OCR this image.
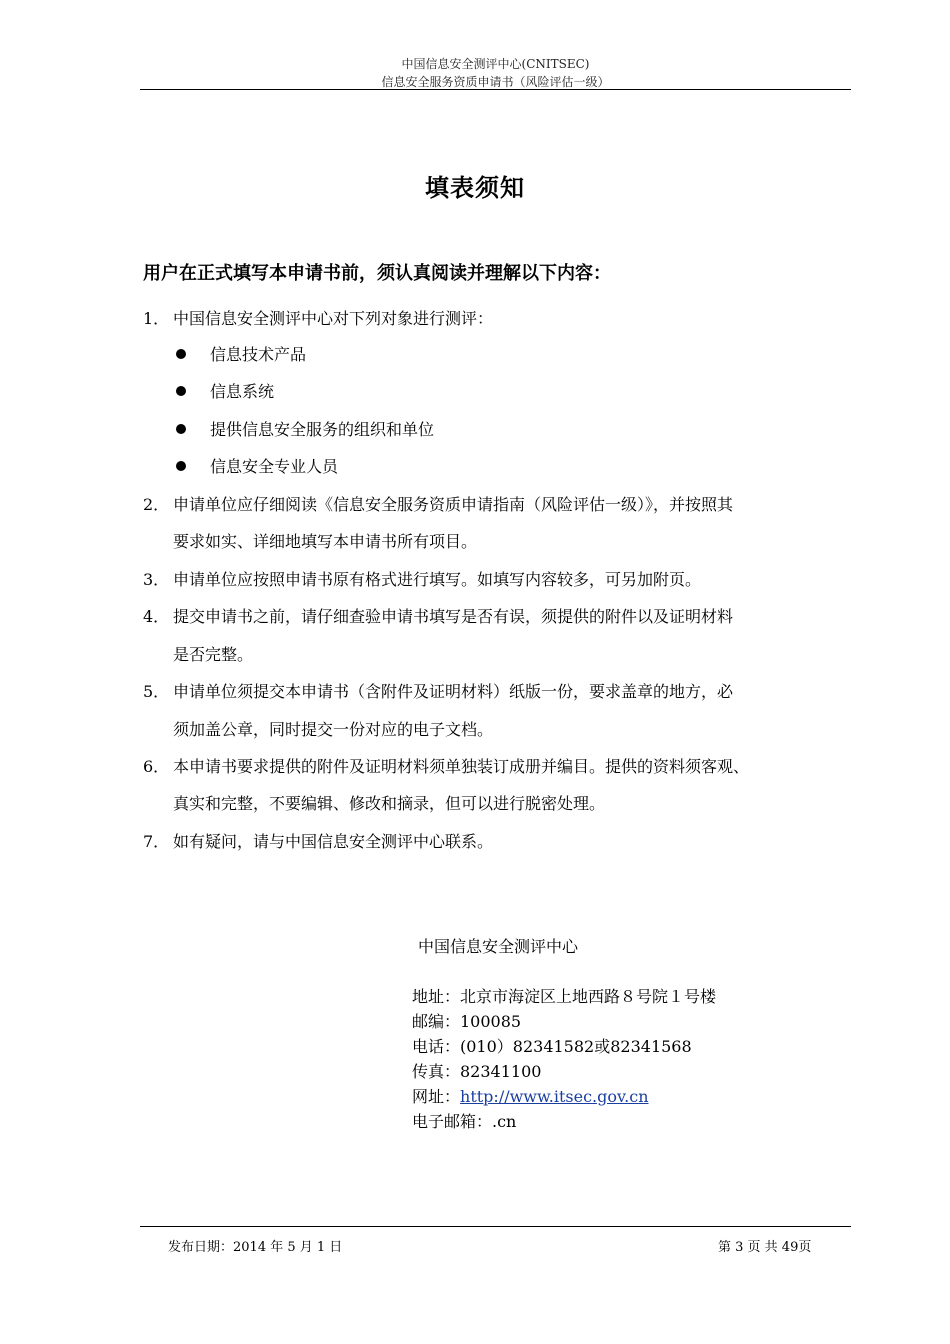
中国信息安全测评中心(CNITSEC)
信息安全服务资质申请书（风险评估一级）
填表须知
用户在正式填写本申请书前，须认真阅读并理解以下内容：
1． 中国信息安全测评中心对下列对象进行测评：
信息技术产品
信息系统
提供信息安全服务的组织和单位
信息安全专业人员
2． 申请单位应仔细阅读《信息安全服务资质申请指南（风险评估一级）》，并按照其
要求如实、详细地填写本申请书所有项目。
3． 申请单位应按照申请书原有格式进行填写。如填写内容较多，可另加附页。
4． 提交申请书之前，请仔细查验申请书填写是否有误，须提供的附件以及证明材料
是否完整。
5． 申请单位须提交本申请书（含附件及证明材料）纸版一份，要求盖章的地方，必
须加盖公章，同时提交一份对应的电子文档。
6． 本申请书要求提供的附件及证明材料须单独装订成册并编目。提供的资料须客观、
真实和完整，不要编辑、修改和摘录，但可以进行脱密处理。
7． 如有疑问，请与中国信息安全测评中心联系。
中国信息安全测评中心
地址：北京市海淀区上地西路８号院１号楼
邮编：100085
电话：(010）82341582或82341568
传真：82341100
网址：http://www.itsec.gov.cn
电子邮箱：.cn
发布日期：2014 年 5 月 1 日	第 3 页 共 49页
